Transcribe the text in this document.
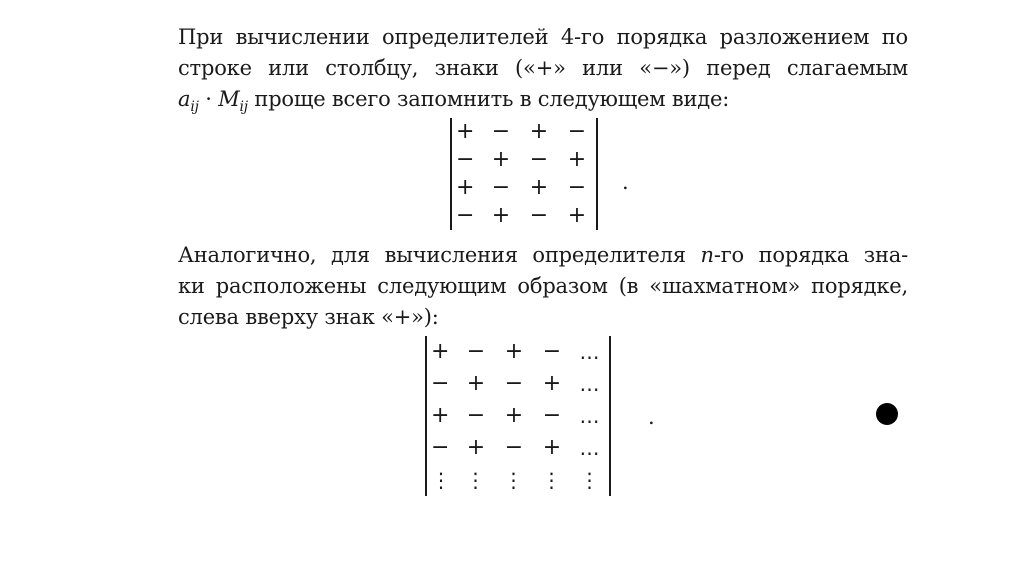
При вычислении определителей 4-го порядка разложением по
строке или столбцу, знаки («+» или «−») перед слагаемым
$a_{ij} \cdot M_{ij}$ проще всего запомнить в следующем виде:
+ − + −
− + − +
+ − + −
− + − +
.
Аналогично, для вычисления определителя n-го порядка зна-
ки расположены следующим образом (в «шахматном» порядке,
слева вверху знак «+»):
+ − + − …
− + − + …
+ − + − …
− + − + …
⋮ ⋮ ⋮ ⋮ ⋮
.
